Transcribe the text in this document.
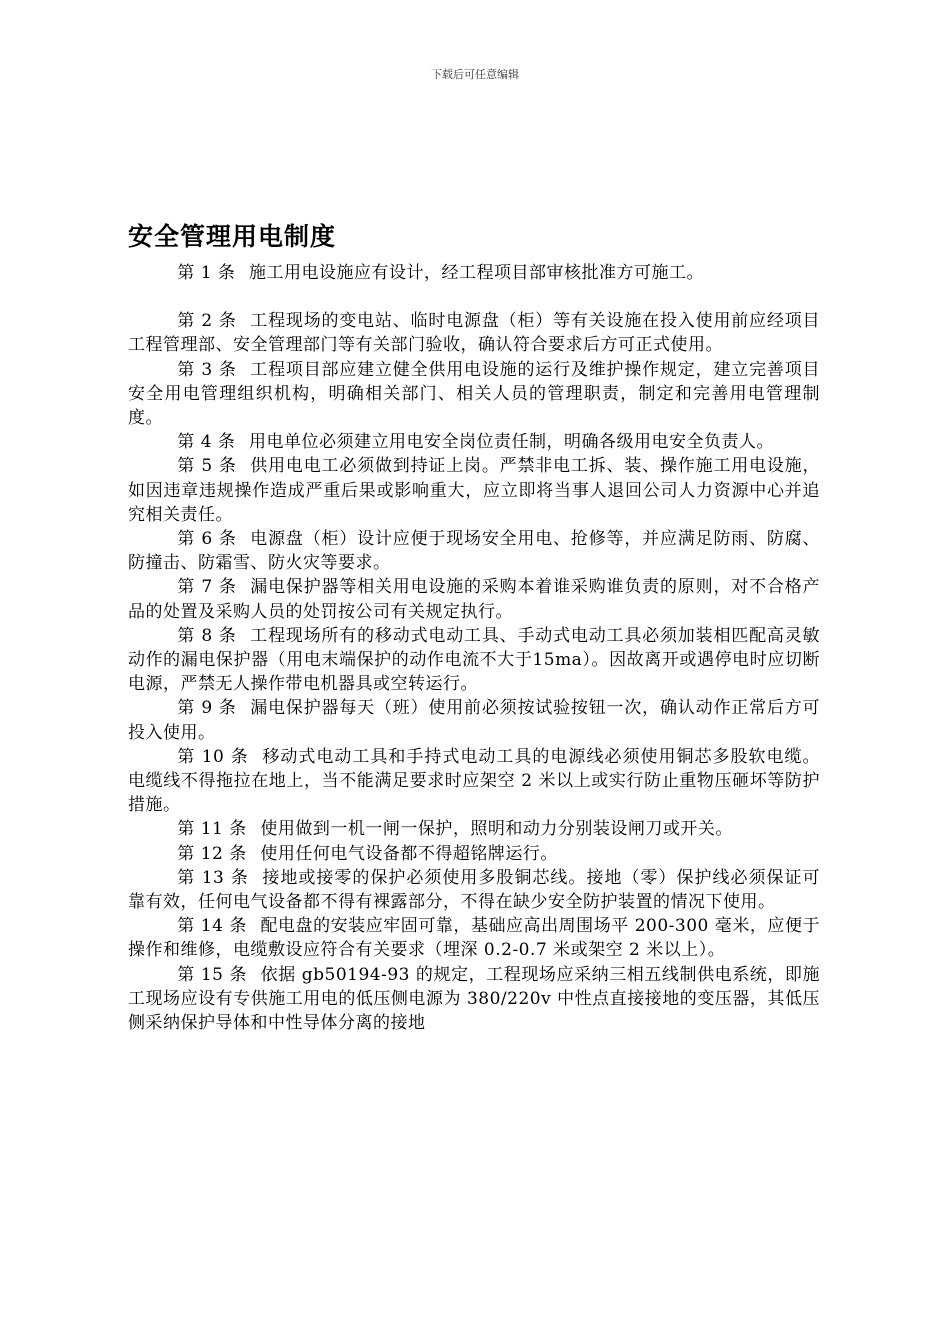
下载后可任意编辑
安全管理用电制度

第 1 条 施工用电设施应有设计，经工程项目部审核批准方可施工。

第 2 条 工程现场的变电站、临时电源盘（柜）等有关设施在投入使用前应经项目工程管理部、安全管理部门等有关部门验收，确认符合要求后方可正式使用。

第 3 条 工程项目部应建立健全供用电设施的运行及维护操作规定，建立完善项目安全用电管理组织机构，明确相关部门、相关人员的管理职责，制定和完善用电管理制度。

第 4 条 用电单位必须建立用电安全岗位责任制，明确各级用电安全负责人。

第 5 条 供用电电工必须做到持证上岗。严禁非电工拆、装、操作施工用电设施，如因违章违规操作造成严重后果或影响重大，应立即将当事人退回公司人力资源中心并追究相关责任。

第 6 条 电源盘（柜）设计应便于现场安全用电、抢修等，并应满足防雨、防腐、防撞击、防霜雪、防火灾等要求。

第 7 条 漏电保护器等相关用电设施的采购本着谁采购谁负责的原则，对不合格产品的处置及采购人员的处罚按公司有关规定执行。

第 8 条 工程现场所有的移动式电动工具、手动式电动工具必须加装相匹配高灵敏动作的漏电保护器（用电末端保护的动作电流不大于15ma）。因故离开或遇停电时应切断电源，严禁无人操作带电机器具或空转运行。

第 9 条 漏电保护器每天（班）使用前必须按试验按钮一次，确认动作正常后方可投入使用。

第 10 条 移动式电动工具和手持式电动工具的电源线必须使用铜芯多股软电缆。电缆线不得拖拉在地上，当不能满足要求时应架空 2 米以上或实行防止重物压砸坏等防护措施。

第 11 条 使用做到一机一闸一保护，照明和动力分别装设闸刀或开关。

第 12 条 使用任何电气设备都不得超铭牌运行。

第 13 条 接地或接零的保护必须使用多股铜芯线。接地（零）保护线必须保证可靠有效，任何电气设备都不得有裸露部分，不得在缺少安全防护装置的情况下使用。

第 14 条 配电盘的安装应牢固可靠，基础应高出周围场平 200-300 毫米，应便于操作和维修，电缆敷设应符合有关要求（埋深 0.2-0.7 米或架空 2 米以上）。

第 15 条 依据 gb50194-93 的规定，工程现场应采纳三相五线制供电系统，即施工现场应设有专供施工用电的低压侧电源为 380/220v 中性点直接接地的变压器，其低压侧采纳保护导体和中性导体分离的接地
